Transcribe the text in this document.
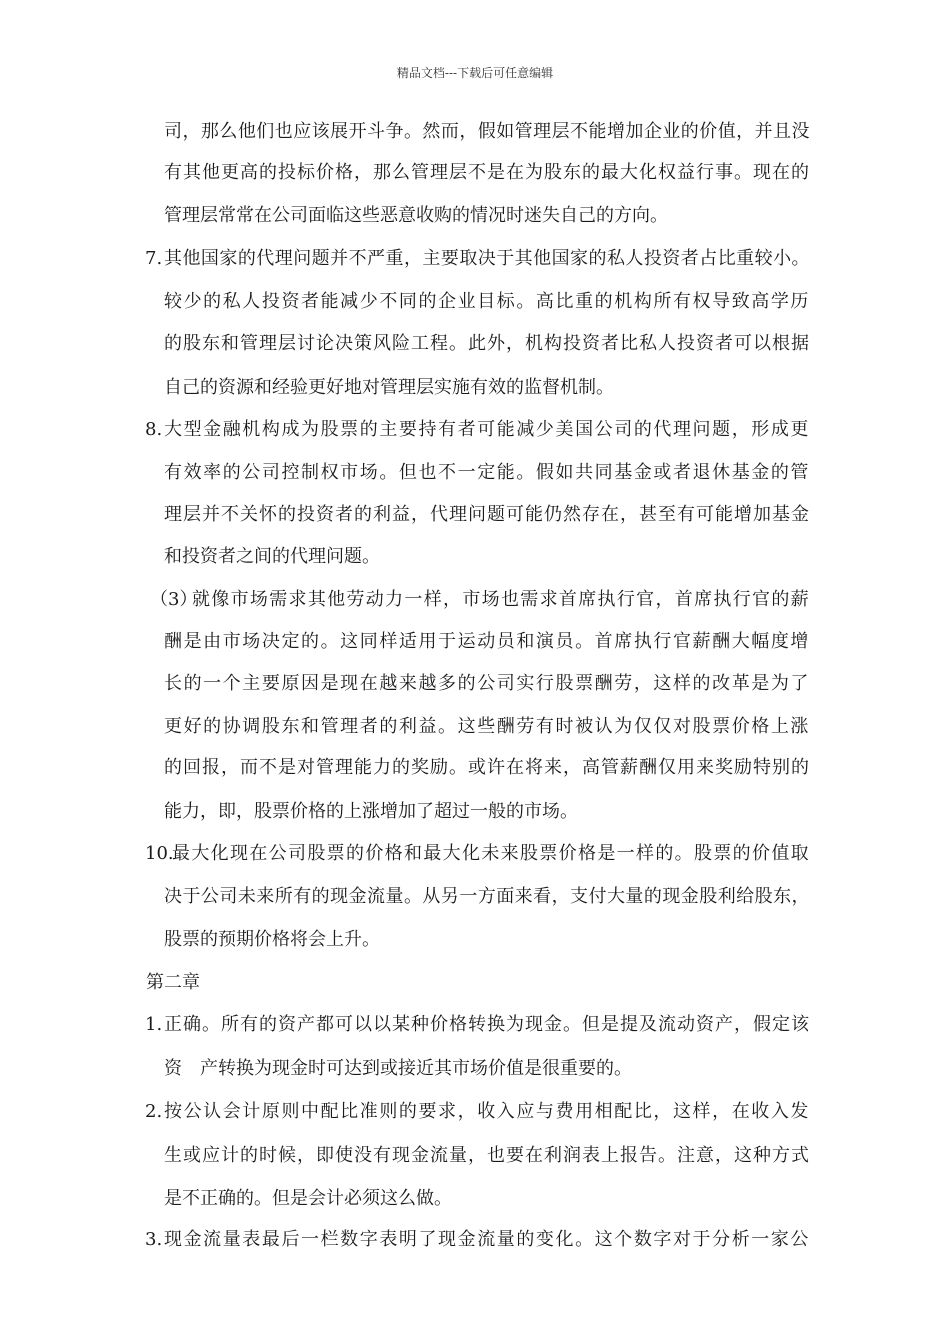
精品文档---下载后可任意编辑
司，那么他们也应该展开斗争。然而，假如管理层不能增加企业的价值，并且没
有其他更高的投标价格，那么管理层不是在为股东的最大化权益行事。现在的
管理层常常在公司面临这些恶意收购的情况时迷失自己的方向。
7. 其他国家的代理问题并不严重，主要取决于其他国家的私人投资者占比重较小。
较少的私人投资者能减少不同的企业目标。高比重的机构所有权导致高学历
的股东和管理层讨论决策风险工程。此外，机构投资者比私人投资者可以根据
自己的资源和经验更好地对管理层实施有效的监督机制。
8. 大型金融机构成为股票的主要持有者可能减少美国公司的代理问题，形成更
有效率的公司控制权市场。但也不一定能。假如共同基金或者退休基金的管
理层并不关怀的投资者的利益，代理问题可能仍然存在，甚至有可能增加基金
和投资者之间的代理问题。
（3）
就像市场需求其他劳动力一样，市场也需求首席执行官，首席执行官的薪
酬是由市场决定的。这同样适用于运动员和演员。首席执行官薪酬大幅度增
长的一个主要原因是现在越来越多的公司实行股票酬劳，这样的改革是为了
更好的协调股东和管理者的利益。这些酬劳有时被认为仅仅对股票价格上涨
的回报，而不是对管理能力的奖励。或许在将来，高管薪酬仅用来奖励特别的
能力，即，股票价格的上涨增加了超过一般的市场。
10.
最大化现在公司股票的价格和最大化未来股票价格是一样的。股票的价值取
决于公司未来所有的现金流量。从另一方面来看，支付大量的现金股利给股东，
股票的预期价格将会上升。
第二章
1. 正确。所有的资产都可以以某种价格转换为现金。但是提及流动资产，假定该
资　产转换为现金时可达到或接近其市场价值是很重要的。
2. 按公认会计原则中配比准则的要求，收入应与费用相配比，这样，在收入发
生或应计的时候，即使没有现金流量，也要在利润表上报告。注意，这种方式
是不正确的。但是会计必须这么做。
3. 现金流量表最后一栏数字表明了现金流量的变化。这个数字对于分析一家公
